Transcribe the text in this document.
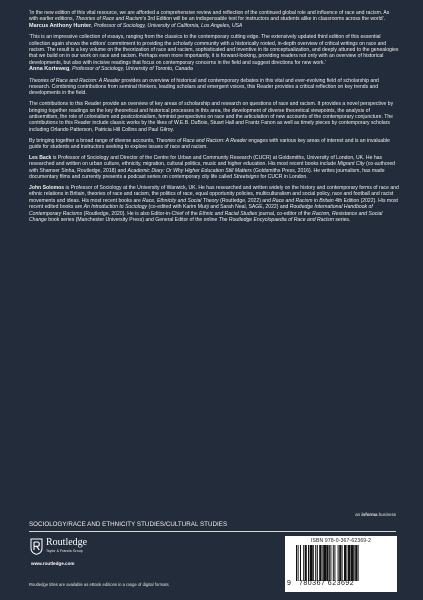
‘In the new edition of this vital resource, we are afforded a comprehensive review and reflection of the continued global role and influence of race and racism. As with earlier editions, Theories of Race and Racism’s 3rd Edition will be an indispensable text for instructors and students alike in classrooms across the world’.

Marcus Anthony Hunter, Professor of Sociology, University of California, Los Angeles, USA

‘This is an impressive collection of essays, ranging from the classics to the contemporary cutting edge. The extensively updated third edition of this essential collection again shows the editors’ commitment to providing the scholarly community with a historically rooted, in-depth overview of critical writings on race and racism. The result is a key volume on the theorization of race and racism, sophisticated and inventive in its conceptualization, and deeply attuned to the genealogies that we build on in our work on race and racism. Perhaps even more importantly, it is forward-looking, providing readers not only with an overview of historical developments, but also with incisive readings that focus on contemporary concerns in the field and suggest directions for new work.’

Anna Korteweg, Professor of Sociology, University of Toronto, Canada

Theories of Race and Racism: A Reader provides an overview of historical and contemporary debates in this vital and ever-evolving field of scholarship and research. Combining contributions from seminal thinkers, leading scholars and emergent voices, this Reader provides a critical reflection on key trends and developments in the field.

The contributions to this Reader provide an overview of key areas of scholarship and research on questions of race and racism. It provides a novel perspective by bringing together readings on the key theoretical and historical processes in this area, the development of diverse theoretical viewpoints, the analysis of antisemitism, the role of colonialism and postcolonialism, feminist perspectives on race and the articulation of new accounts of the contemporary conjuncture. The contributions to this Reader include classic works by the likes of W.E.B. DuBois, Stuart Hall and Frantz Fanon as well as timely pieces by contemporary scholars including Orlando Patterson, Patricia Hill Collins and Paul Gilroy.

By bringing together a broad range of diverse accounts, Theories of Race and Racism: A Reader engages with various key areas of interest and is an invaluable guide for students and instructors seeking to explore issues of race and racism.

Les Back is Professor of Sociology and Director of the Centre for Urban and Community Research (CUCR) at Goldsmiths, University of London, UK. He has researched and written on urban culture, ethnicity, migration, cultural politics, music and higher education. His most recent books include Migrant City (co-authored with Shamser Sinha, Routledge, 2018) and Academic Diary: Or Why Higher Education Still Matters (Goldsmiths Press, 2016). He writes journalism, has made documentary films and currently presents a podcast series on contemporary city life called Streetsigns for CUCR in London.

John Solomos is Professor of Sociology at the University of Warwick, UK. He has researched and written widely on the history and contemporary forms of race and ethnic relations in Britain, theories of race and racism, the politics of race, equal opportunity policies, multiculturalism and social policy, race and football and racist movements and ideas. His most recent books are Race, Ethnicity and Social Theory (Routledge, 2022) and Race and Racism in Britain 4th Edition (2022). His most recent edited books are An Introduction to Sociology (co-edited with Karim Murji and Sarah Neal, SAGE, 2022) and Routledge International Handbook of Contemporary Racisms (Routledge, 2020). He is also Editor-in-Chief of the Ethnic and Racial Studies journal, co-editor of the Racism, Resistance and Social Change book series (Manchester University Press) and General Editor of the online The Routledge Encyclopaedia of Race and Racism series.

an informa business
SOCIOLOGY/RACE AND ETHNICITY STUDIES/CULTURAL STUDIES
Routledge
Taylor & Francis Group
www.routledge.com
Routledge titles are available as eBook editions in a range of digital formats
ISBN 978-0-367-62369-2
9 780367 623692
